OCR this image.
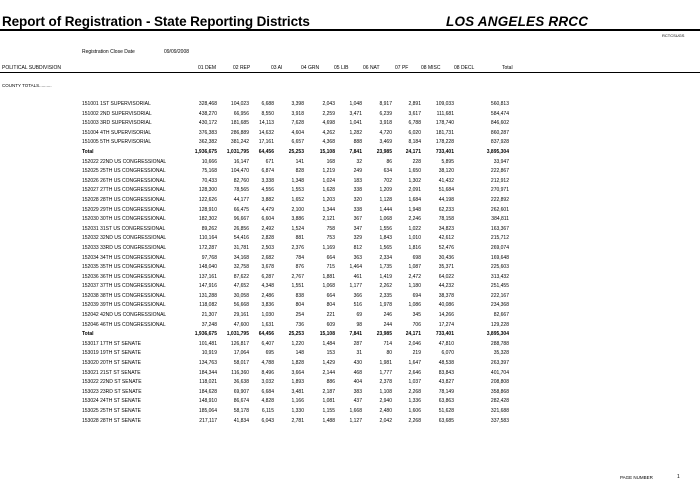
Report of Registration - State Reporting Districts	LOS ANGELES RRCC
RCTCSUGS
Registration Close Date	09/09/2008
POLITICAL SUBDIVISION	01 DEM	02 REP	03 AI	04 GRN	05 LIB	06 NAT	07 PF	08 MISC	08 DECL	Total
COUNTY TOTALS..........
151001 1ST SUPERVISORIAL	328,468	104,023	6,688	3,398	2,043	1,048	8,917	2,891	109,033	560,813
151002 2ND SUPERVISORIAL	438,270	66,956	8,550	3,918	2,259	3,471	6,239	3,617	111,681	584,474
151003 3RD SUPERVISORIAL	430,172	181,685	14,113	7,628	4,698	1,041	3,918	6,788	178,740	846,602
151004 4TH SUPERVISORIAL	376,383	286,889	14,632	4,604	4,262	1,282	4,720	6,020	181,731	860,287
151005 5TH SUPERVISORIAL	362,382	381,242	17,161	6,657	4,368	888	3,469	8,184	178,228	837,928
Total	1,936,675	1,031,795	64,456	25,253	15,108	7,841	23,985	24,171	733,401	3,895,304
152022 22ND US CONGRESSIONAL	10,666	16,147	671	141	168	32	86	228	5,895	33,947
152025 25TH US CONGRESSIONAL	75,168	104,470	6,874	828	1,219	249	634	1,650	38,120	222,867
152026 26TH US CONGRESSIONAL	70,433	82,760	3,338	1,348	1,024	183	702	1,302	41,432	212,912
152027 27TH US CONGRESSIONAL	128,300	78,565	4,556	1,553	1,628	338	1,209	2,091	51,684	270,971
152028 28TH US CONGRESSIONAL	122,626	44,177	3,882	1,652	1,203	320	1,128	1,684	44,198	222,892
152029 29TH US CONGRESSIONAL	128,910	66,475	4,479	2,100	1,344	338	1,444	1,948	62,233	262,601
152030 30TH US CONGRESSIONAL	182,302	96,667	6,604	3,886	2,121	367	1,068	2,246	78,158	384,811
152031 31ST US CONGRESSIONAL	89,262	26,856	2,492	1,524	758	347	1,556	1,022	34,823	163,367
152032 32ND US CONGRESSIONAL	110,164	54,416	2,828	881	753	329	1,843	1,010	42,612	215,712
152033 33RD US CONGRESSIONAL	172,287	31,781	2,503	2,376	1,169	812	1,565	1,816	52,476	269,074
152034 34TH US CONGRESSIONAL	97,768	34,168	2,682	784	664	363	2,334	698	30,436	169,648
152035 35TH US CONGRESSIONAL	148,040	32,758	3,678	876	715	1,464	1,735	1,087	35,371	225,603
152036 36TH US CONGRESSIONAL	137,161	87,622	6,287	2,767	1,881	461	1,419	2,472	64,022	313,432
152037 37TH US CONGRESSIONAL	147,916	47,652	4,348	1,551	1,068	1,177	2,262	1,180	44,232	251,455
152038 38TH US CONGRESSIONAL	131,288	30,058	2,486	838	664	366	2,335	694	38,378	222,167
152039 39TH US CONGRESSIONAL	118,082	56,668	3,836	804	804	516	1,978	1,086	40,086	234,368
152042 42ND US CONGRESSIONAL	21,307	29,161	1,030	254	221	69	246	345	14,266	82,667
152046 46TH US CONGRESSIONAL	37,248	47,600	1,631	736	609	98	244	706	17,274	129,228
Total	1,936,675	1,031,795	64,456	25,253	15,108	7,841	23,985	24,171	733,401	3,895,304
153017 17TH ST SENATE	101,481	126,817	6,407	1,220	1,484	287	714	2,046	47,810	288,788
153019 19TH ST SENATE	10,919	17,064	695	148	153	31	80	219	6,070	35,328
153020 20TH ST SENATE	134,763	58,017	4,788	1,828	1,429	430	1,981	1,647	48,538	263,397
153021 21ST ST SENATE	184,344	116,360	8,496	3,664	2,144	468	1,777	2,646	83,843	401,704
153022 22ND ST SENATE	118,021	36,638	3,032	1,893	886	404	2,378	1,037	43,827	208,808
153023 23RD ST SENATE	184,628	69,907	6,684	3,481	2,187	383	1,108	2,268	78,149	358,868
153024 24TH ST SENATE	148,910	86,674	4,828	1,166	1,081	437	2,940	1,336	63,863	282,428
153025 25TH ST SENATE	185,064	58,178	6,115	1,330	1,155	1,668	2,480	1,606	51,628	321,688
153028 28TH ST SENATE	217,117	41,834	6,043	2,781	1,488	1,127	2,042	2,268	63,685	337,583
PAGE NUMBER	1
